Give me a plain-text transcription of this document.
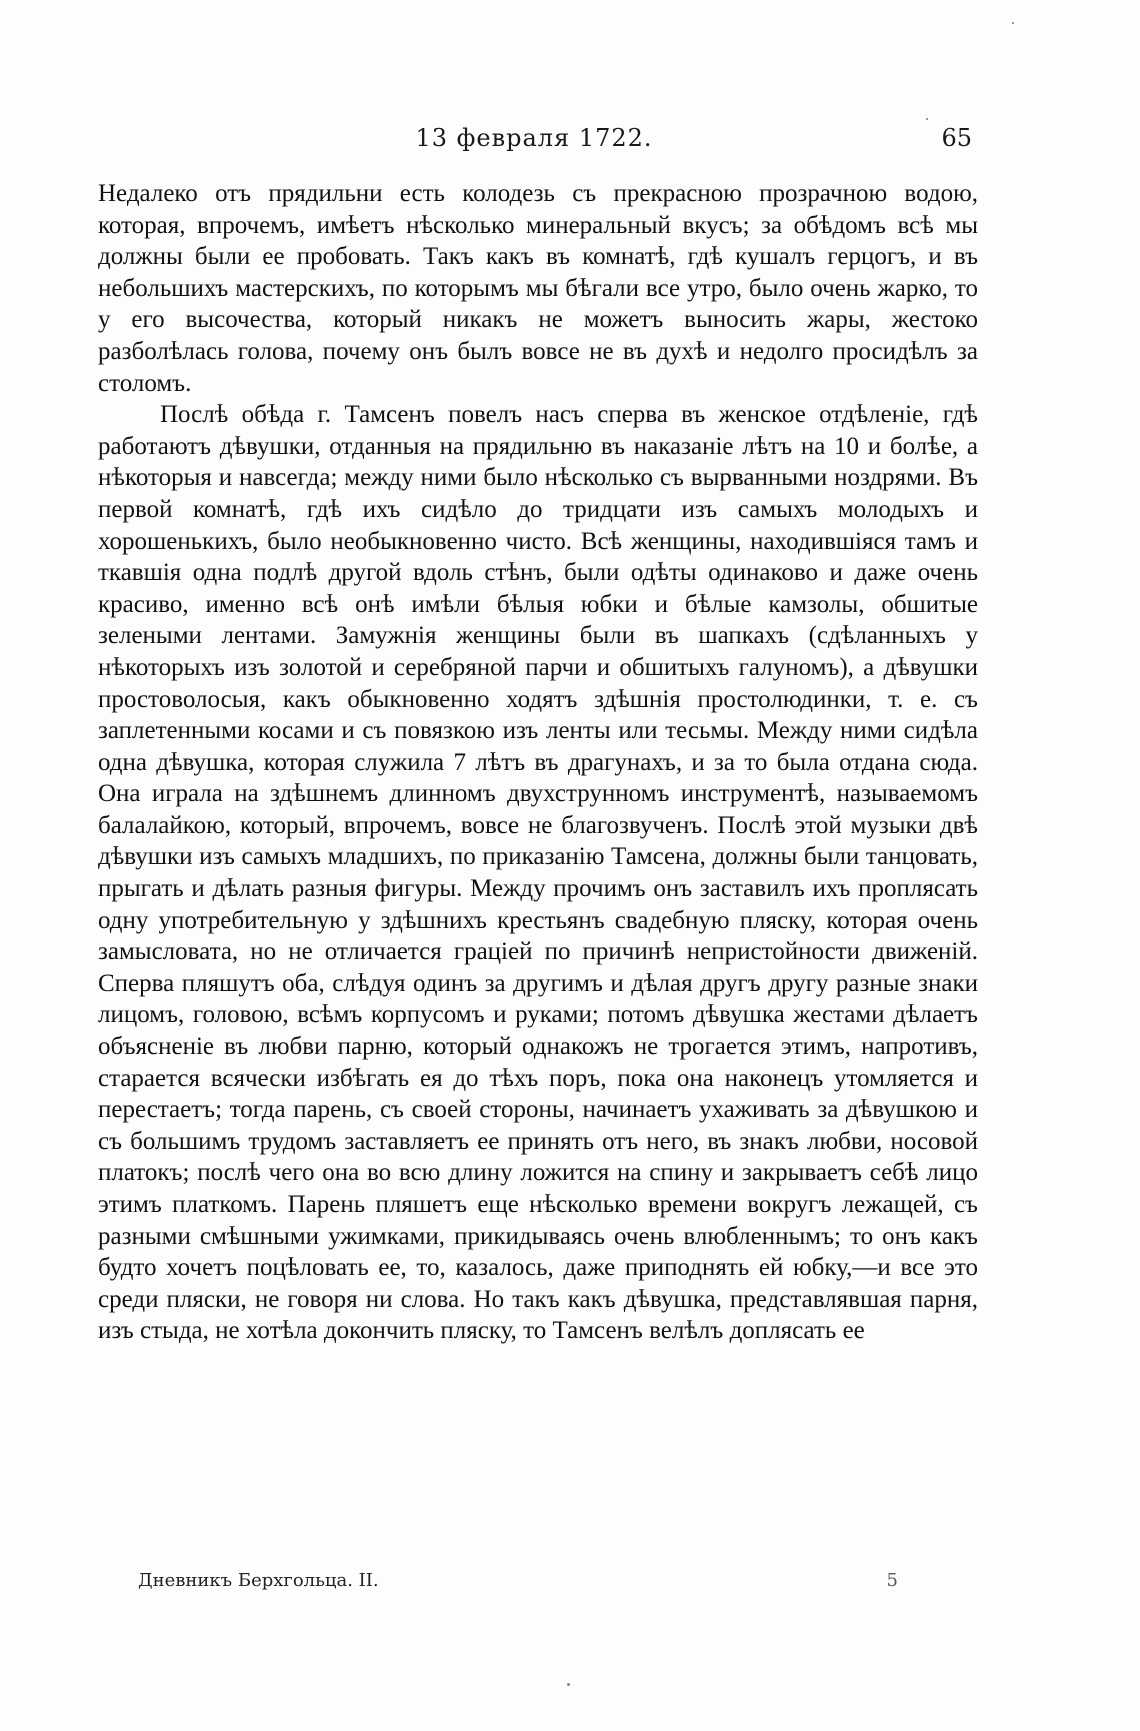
13 февраля 1722.	65

Недалеко отъ прядильни есть колодезь съ прекрасною прозрачною водою, которая, впрочемъ, имѣетъ нѣсколько минеральный вкусъ; за обѣдомъ всѣ мы должны были ее пробовать. Такъ какъ въ комнатѣ, гдѣ кушалъ герцогъ, и въ небольшихъ мастерскихъ, по которымъ мы бѣгали все утро, было очень жарко, то у его высочества, который никакъ не можетъ выносить жары, жестоко разболѣлась голова, почему онъ былъ вовсе не въ духѣ и недолго просидѣлъ за столомъ.

Послѣ обѣда г. Тамсенъ повелъ насъ сперва въ женское отдѣленіе, гдѣ работаютъ дѣвушки, отданныя на прядильню въ наказаніе лѣтъ на 10 и болѣе, а нѣкоторыя и навсегда; между ними было нѣсколько съ вырванными ноздрями. Въ первой комнатѣ, гдѣ ихъ сидѣло до тридцати изъ самыхъ молодыхъ и хорошенькихъ, было необыкновенно чисто. Всѣ женщины, находившіяся тамъ и ткавшія одна подлѣ другой вдоль стѣнъ, были одѣты одинаково и даже очень красиво, именно всѣ онѣ имѣли бѣлыя юбки и бѣлые камзолы, обшитые зелеными лентами. Замужнія женщины были въ шапкахъ (сдѣланныхъ у нѣкоторыхъ изъ золотой и серебряной парчи и обшитыхъ галуномъ), а дѣвушки простоволосыя, какъ обыкновенно ходятъ здѣшнія простолюдинки, т. е. съ заплетенными косами и съ повязкою изъ ленты или тесьмы. Между ними сидѣла одна дѣвушка, которая служила 7 лѣтъ въ драгунахъ, и за то была отдана сюда. Она играла на здѣшнемъ длинномъ двухструнномъ инструментѣ, называемомъ балалайкою, который, впрочемъ, вовсе не благозвученъ. Послѣ этой музыки двѣ дѣвушки изъ самыхъ младшихъ, по приказанію Тамсена, должны были танцовать, прыгать и дѣлать разныя фигуры. Между прочимъ онъ заставилъ ихъ проплясать одну употребительную у здѣшнихъ крестьянъ свадебную пляску, которая очень замысловата, но не отличается граціей по причинѣ непристойности движеній. Сперва пляшутъ оба, слѣдуя одинъ за другимъ и дѣлая другъ другу разные знаки лицомъ, головою, всѣмъ корпусомъ и руками; потомъ дѣвушка жестами дѣлаетъ объясненіе въ любви парню, который однакожъ не трогается этимъ, напротивъ, старается всячески избѣгать ея до тѣхъ поръ, пока она наконецъ утомляется и перестаетъ; тогда парень, съ своей стороны, начинаетъ ухаживать за дѣвушкою и съ большимъ трудомъ заставляетъ ее принять отъ него, въ знакъ любви, носовой платокъ; послѣ чего она во всю длину ложится на спину и закрываетъ себѣ лицо этимъ платкомъ. Парень пляшетъ еще нѣсколько времени вокругъ лежащей, съ разными смѣшными ужимками, прикидываясь очень влюбленнымъ; то онъ какъ будто хочетъ поцѣловать ее, то, казалось, даже приподнять ей юбку,—и все это среди пляски, не говоря ни слова. Но такъ какъ дѣвушка, представлявшая парня, изъ стыда, не хотѣла докончить пляску, то Тамсенъ велѣлъ доплясать ее

Дневникъ Берхгольца. II.	5
